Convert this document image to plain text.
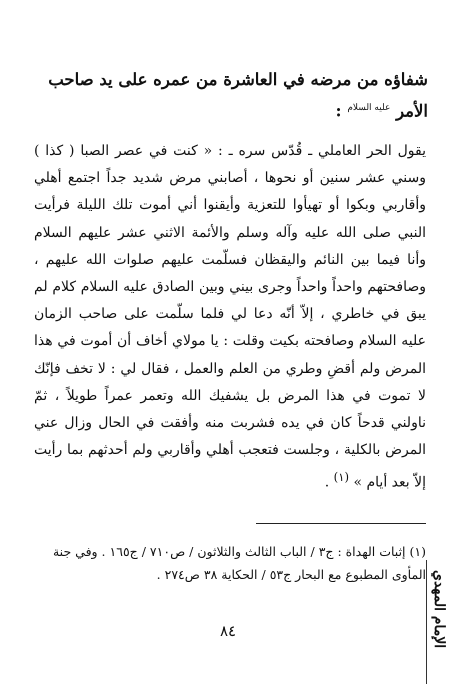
شفاؤه من مرضه في العاشرة من عمره على يد صاحب الأمر $^{عليه السلام}$ :
يقول الحر العاملي ـ قُدّس سره ـ : « كنت في عصر الصبا ( كذا ) وسني عشر سنين أو نحوها ، أصابني مرض شديد جداً اجتمع أهلي وأقاربي وبكوا أو تهيأوا للتعزية وأيقنوا أني أموت تلك الليلة فرأيت النبي صلى الله عليه وآله وسلم والأئمة الاثني عشر عليهم السلام وأنا فيما بين النائم واليقظان فسلّمت عليهم صلوات الله عليهم ، وصافحتهم واحداً واحداً وجرى بيني وبين الصادق عليه السلام كلام لم يبق في خاطري ، إلاّ أنّه دعا لي فلما سلّمت على صاحب الزمان عليه السلام وصافحته بكيت وقلت : يا مولاي أخاف أن أموت في هذا المرض ولم أقضِ وطري من العلم والعمل ، فقال لي : لا تخف فإنّك لا تموت في هذا المرض بل يشفيك الله وتعمر عمراً طويلاً ، ثمّ ناولني قدحاً كان في يده فشربت منه وأفقت في الحال وزال عني المرض بالكلية ، وجلست فتعجب أهلي وأقاربي ولم أحدثهم بما رأيت إلاّ بعد أيام » $^{(١)}$ .
(١) إثبات الهداة : ج٣ / الباب الثالث والثلاثون / ص٧١٠ / ج١٦٥ . وفي جنة المأوى المطبوع مع البحار ج٥٣ / الحكاية ٣٨ ص٢٧٤ .
٨٤	الإمام المهدي
